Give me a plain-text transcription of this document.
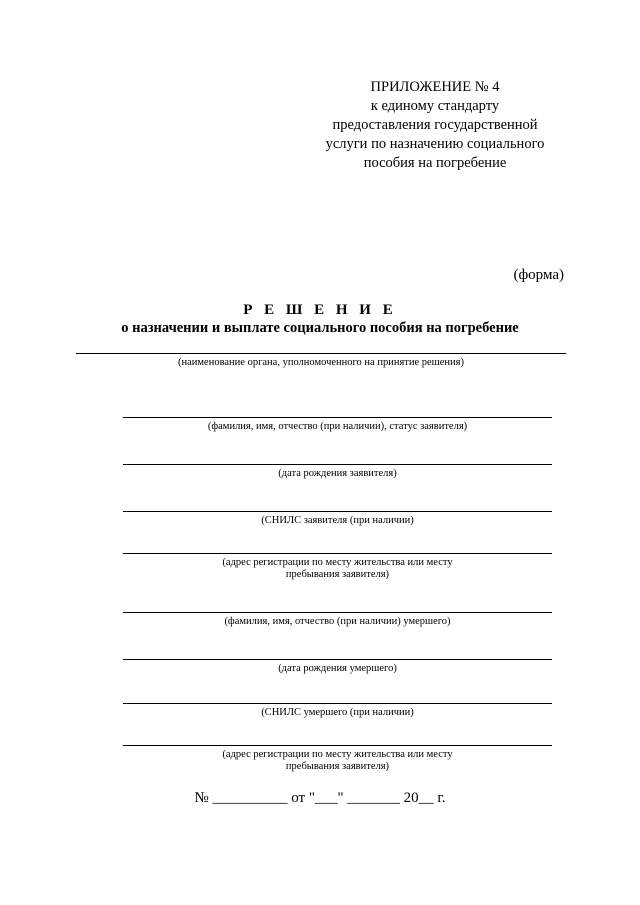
ПРИЛОЖЕНИЕ № 4
к единому стандарту
предоставления государственной
услуги по назначению социального
пособия на погребение
(форма)
Р Е Ш Е Н И Е
о назначении и выплате социального пособия на погребение
(наименование органа, уполномоченного на принятие решения)
(фамилия, имя, отчество (при наличии), статус заявителя)
(дата рождения заявителя)
(СНИЛС заявителя (при наличии)
(адрес регистрации по месту жительства или месту
пребывания заявителя)
(фамилия, имя, отчество (при наличии) умершего)
(дата рождения умершего)
(СНИЛС умершего (при наличии)
(адрес регистрации по месту жительства или месту
пребывания заявителя)
№ __________ от "___" _______ 20__ г.
